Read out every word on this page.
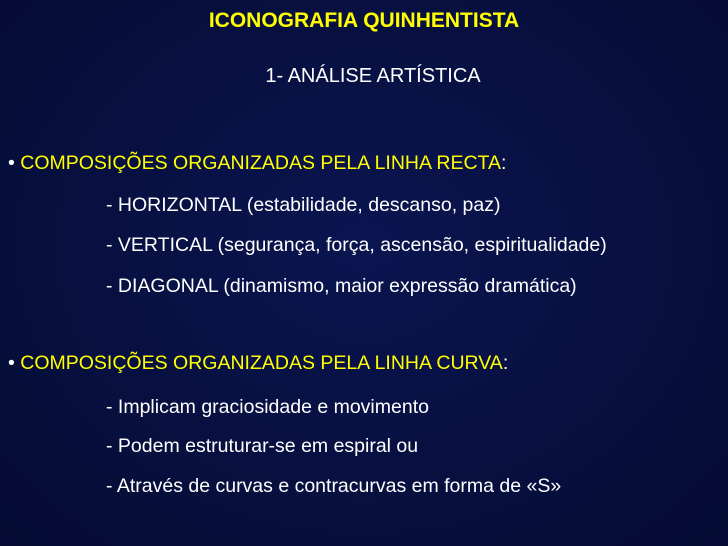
ICONOGRAFIA QUINHENTISTA
1- ANÁLISE ARTÍSTICA
• COMPOSIÇÕES ORGANIZADAS PELA LINHA RECTA:
- HORIZONTAL (estabilidade, descanso, paz)
- VERTICAL (segurança, força, ascensão, espiritualidade)
- DIAGONAL (dinamismo, maior expressão dramática)
• COMPOSIÇÕES ORGANIZADAS PELA LINHA CURVA:
- Implicam graciosidade e movimento
- Podem estruturar-se em espiral ou
- Através de curvas e contracurvas em forma de «S»
